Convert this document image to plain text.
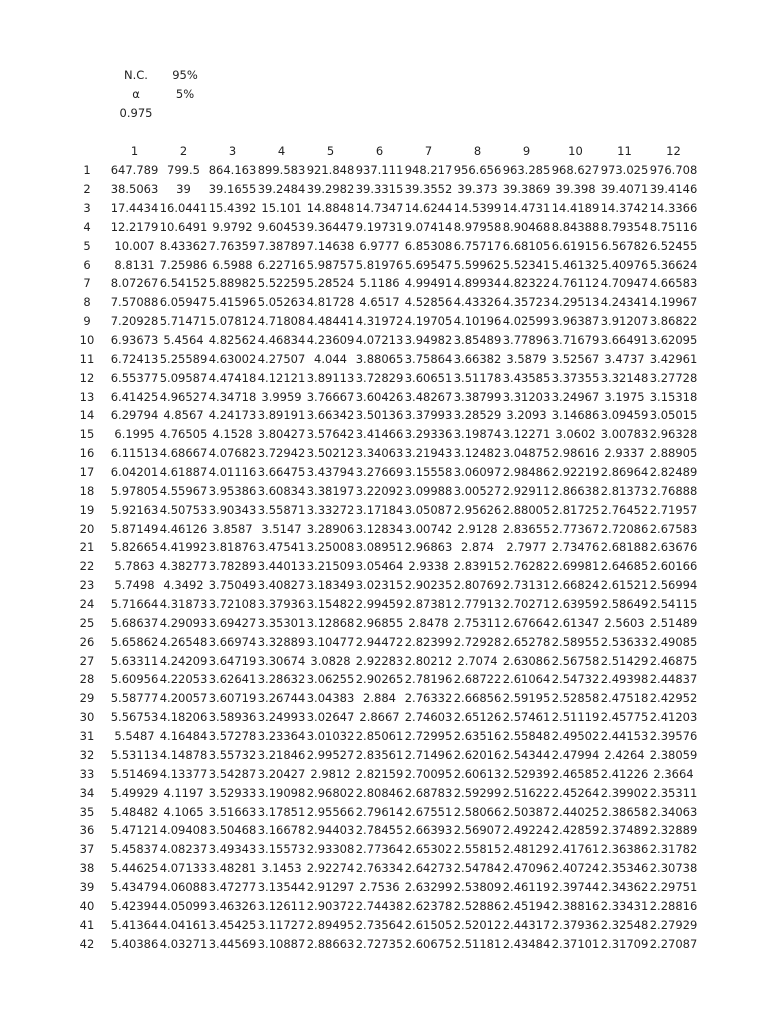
N.C. 95%
α	5%
0.975
	1	2	3	4	5	6	7	8	9	10	11	12
1	647.789	799.5	864.163	899.583	921.848	937.111	948.217	956.656	963.285	968.627	973.025	976.708
2	38.5063	39	39.1655	39.2484	39.2982	39.3315	39.3552	39.373	39.3869	39.398	39.4071	39.4146
3	17.4434	16.0441	15.4392	15.101	14.8848	14.7347	14.6244	14.5399	14.4731	14.4189	14.3742	14.3366
4	12.2179	10.6491	9.9792	9.60453	9.36447	9.19731	9.07414	8.97958	8.90468	8.84388	8.79354	8.75116
5	10.007	8.43362	7.76359	7.38789	7.14638	6.9777	6.85308	6.75717	6.68105	6.61915	6.56782	6.52455
6	8.8131	7.25986	6.5988	6.22716	5.98757	5.81976	5.69547	5.59962	5.52341	5.46132	5.40976	5.36624
7	8.07267	6.54152	5.88982	5.52259	5.28524	5.1186	4.99491	4.89934	4.82322	4.76112	4.70947	4.66583
8	7.57088	6.05947	5.41596	5.05263	4.81728	4.6517	4.52856	4.43326	4.35723	4.29513	4.24341	4.19967
9	7.20928	5.71471	5.07812	4.71808	4.48441	4.31972	4.19705	4.10196	4.02599	3.96387	3.91207	3.86822
10	6.93673	5.4564	4.82562	4.46834	4.23609	4.07213	3.94982	3.85489	3.77896	3.71679	3.66491	3.62095
11	6.72413	5.25589	4.63002	4.27507	4.044	3.88065	3.75864	3.66382	3.5879	3.52567	3.4737	3.42961
12	6.55377	5.09587	4.47418	4.12121	3.89113	3.72829	3.60651	3.51178	3.43585	3.37355	3.32148	3.27728
13	6.41425	4.96527	4.34718	3.9959	3.76667	3.60426	3.48267	3.38799	3.31203	3.24967	3.1975	3.15318
14	6.29794	4.8567	4.24173	3.89191	3.66342	3.50136	3.37993	3.28529	3.2093	3.14686	3.09459	3.05015
15	6.1995	4.76505	4.1528	3.80427	3.57642	3.41466	3.29336	3.19874	3.12271	3.0602	3.00783	2.96328
16	6.11513	4.68667	4.07682	3.72942	3.50212	3.34063	3.21943	3.12482	3.04875	2.98616	2.9337	2.88905
17	6.04201	4.61887	4.01116	3.66475	3.43794	3.27669	3.15558	3.06097	2.98486	2.92219	2.86964	2.82489
18	5.97805	4.55967	3.95386	3.60834	3.38197	3.22092	3.09988	3.00527	2.92911	2.86638	2.81373	2.76888
19	5.92163	4.50753	3.90343	3.55871	3.33272	3.17184	3.05087	2.95626	2.88005	2.81725	2.76452	2.71957
20	5.87149	4.46126	3.8587	3.5147	3.28906	3.12834	3.00742	2.9128	2.83655	2.77367	2.72086	2.67583
21	5.82665	4.41992	3.81876	3.47541	3.25008	3.08951	2.96863	2.874	2.7977	2.73476	2.68188	2.63676
22	5.7863	4.38277	3.78289	3.44013	3.21509	3.05464	2.9338	2.83915	2.76282	2.69981	2.64685	2.60166
23	5.7498	4.3492	3.75049	3.40827	3.18349	3.02315	2.90235	2.80769	2.73131	2.66824	2.61521	2.56994
24	5.71664	4.31873	3.72108	3.37936	3.15482	2.99459	2.87381	2.77913	2.70271	2.63959	2.58649	2.54115
25	5.68637	4.29093	3.69427	3.35301	3.12868	2.96855	2.8478	2.75311	2.67664	2.61347	2.5603	2.51489
26	5.65862	4.26548	3.66974	3.32889	3.10477	2.94472	2.82399	2.72928	2.65278	2.58955	2.53633	2.49085
27	5.63311	4.24209	3.64719	3.30674	3.0828	2.92283	2.80212	2.7074	2.63086	2.56758	2.51429	2.46875
28	5.60956	4.22053	3.62641	3.28632	3.06255	2.90265	2.78196	2.68722	2.61064	2.54732	2.49398	2.44837
29	5.58777	4.20057	3.60719	3.26744	3.04383	2.884	2.76332	2.66856	2.59195	2.52858	2.47518	2.42952
30	5.56753	4.18206	3.58936	3.24993	3.02647	2.8667	2.74603	2.65126	2.57461	2.51119	2.45775	2.41203
31	5.5487	4.16484	3.57278	3.23364	3.01032	2.85061	2.72995	2.63516	2.55848	2.49502	2.44153	2.39576
32	5.53113	4.14878	3.55732	3.21846	2.99527	2.83561	2.71496	2.62016	2.54344	2.47994	2.4264	2.38059
33	5.51469	4.13377	3.54287	3.20427	2.9812	2.82159	2.70095	2.60613	2.52939	2.46585	2.41226	2.3664
34	5.49929	4.1197	3.52933	3.19098	2.96802	2.80846	2.68783	2.59299	2.51622	2.45264	2.39902	2.35311
35	5.48482	4.1065	3.51663	3.17851	2.95566	2.79614	2.67551	2.58066	2.50387	2.44025	2.38658	2.34063
36	5.47121	4.09408	3.50468	3.16678	2.94403	2.78455	2.66393	2.56907	2.49224	2.42859	2.37489	2.32889
37	5.45837	4.08237	3.49343	3.15573	2.93308	2.77364	2.65302	2.55815	2.48129	2.41761	2.36386	2.31782
38	5.44625	4.07133	3.48281	3.1453	2.92274	2.76334	2.64273	2.54784	2.47096	2.40724	2.35346	2.30738
39	5.43479	4.06088	3.47277	3.13544	2.91297	2.7536	2.63299	2.53809	2.46119	2.39744	2.34362	2.29751
40	5.42394	4.05099	3.46326	3.12611	2.90372	2.74438	2.62378	2.52886	2.45194	2.38816	2.33431	2.28816
41	5.41364	4.04161	3.45425	3.11727	2.89495	2.73564	2.61505	2.52012	2.44317	2.37936	2.32548	2.27929
42	5.40386	4.03271	3.44569	3.10887	2.88663	2.72735	2.60675	2.51181	2.43484	2.37101	2.31709	2.27087
